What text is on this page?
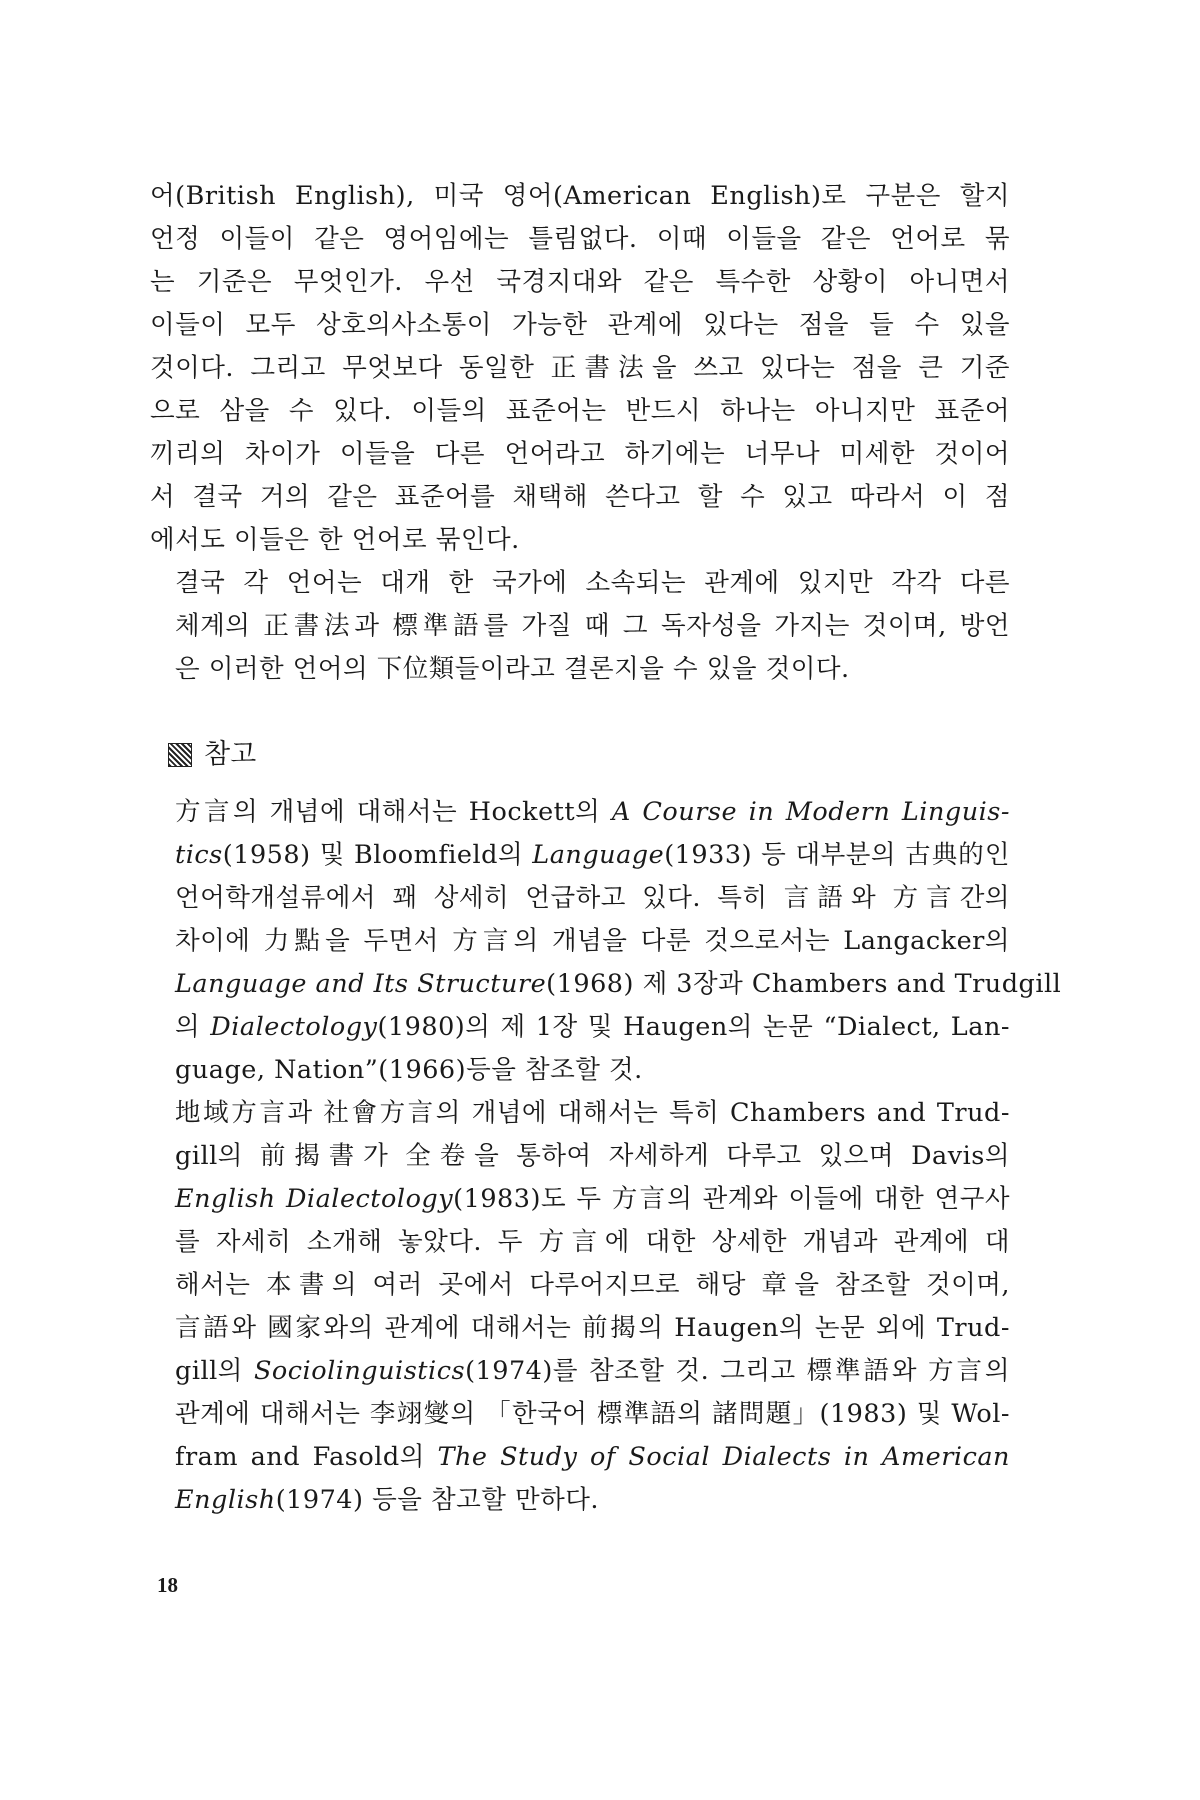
어(British English), 미국 영어(American English)로 구분은 할지
언정 이들이 같은 영어임에는 틀림없다. 이때 이들을 같은 언어로 묶
는 기준은 무엇인가. 우선 국경지대와 같은 특수한 상황이 아니면서
이들이 모두 상호의사소통이 가능한 관계에 있다는 점을 들 수 있을
것이다. 그리고 무엇보다 동일한 正書法을 쓰고 있다는 점을 큰 기준
으로 삼을 수 있다. 이들의 표준어는 반드시 하나는 아니지만 표준어
끼리의 차이가 이들을 다른 언어라고 하기에는 너무나 미세한 것이어
서 결국 거의 같은 표준어를 채택해 쓴다고 할 수 있고 따라서 이 점
에서도 이들은 한 언어로 묶인다.

결국 각 언어는 대개 한 국가에 소속되는 관계에 있지만 각각 다른
체계의 正書法과 標準語를 가질 때 그 독자성을 가지는 것이며, 방언
은 이러한 언어의 下位類들이라고 결론지을 수 있을 것이다.

참고

方言의 개념에 대해서는 Hockett의 A Course in Modern Linguis-
tics(1958) 및 Bloomfield의 Language(1933) 등 대부분의 古典的인
언어학개설류에서 꽤 상세히 언급하고 있다. 특히 言語와 方言간의
차이에 力點을 두면서 方言의 개념을 다룬 것으로서는 Langacker의
Language and Its Structure(1968) 제 3장과 Chambers and Trudgill
의 Dialectology(1980)의 제 1장 및 Haugen의 논문 “Dialect, Lan-
guage, Nation”(1966)등을 참조할 것.

地域方言과 社會方言의 개념에 대해서는 특히 Chambers and Trud-
gill의 前揭書가 全卷을 통하여 자세하게 다루고 있으며 Davis의
English Dialectology(1983)도 두 方言의 관계와 이들에 대한 연구사
를 자세히 소개해 놓았다. 두 方言에 대한 상세한 개념과 관계에 대
해서는 本書의 여러 곳에서 다루어지므로 해당 章을 참조할 것이며,
言語와 國家와의 관계에 대해서는 前揭의 Haugen의 논문 외에 Trud-
gill의 Sociolinguistics(1974)를 참조할 것. 그리고 標準語와 方言의
관계에 대해서는 李翊燮의 「한국어 標準語의 諸問題」(1983) 및 Wol-
fram and Fasold의 The Study of Social Dialects in American
English(1974) 등을 참고할 만하다.

18
